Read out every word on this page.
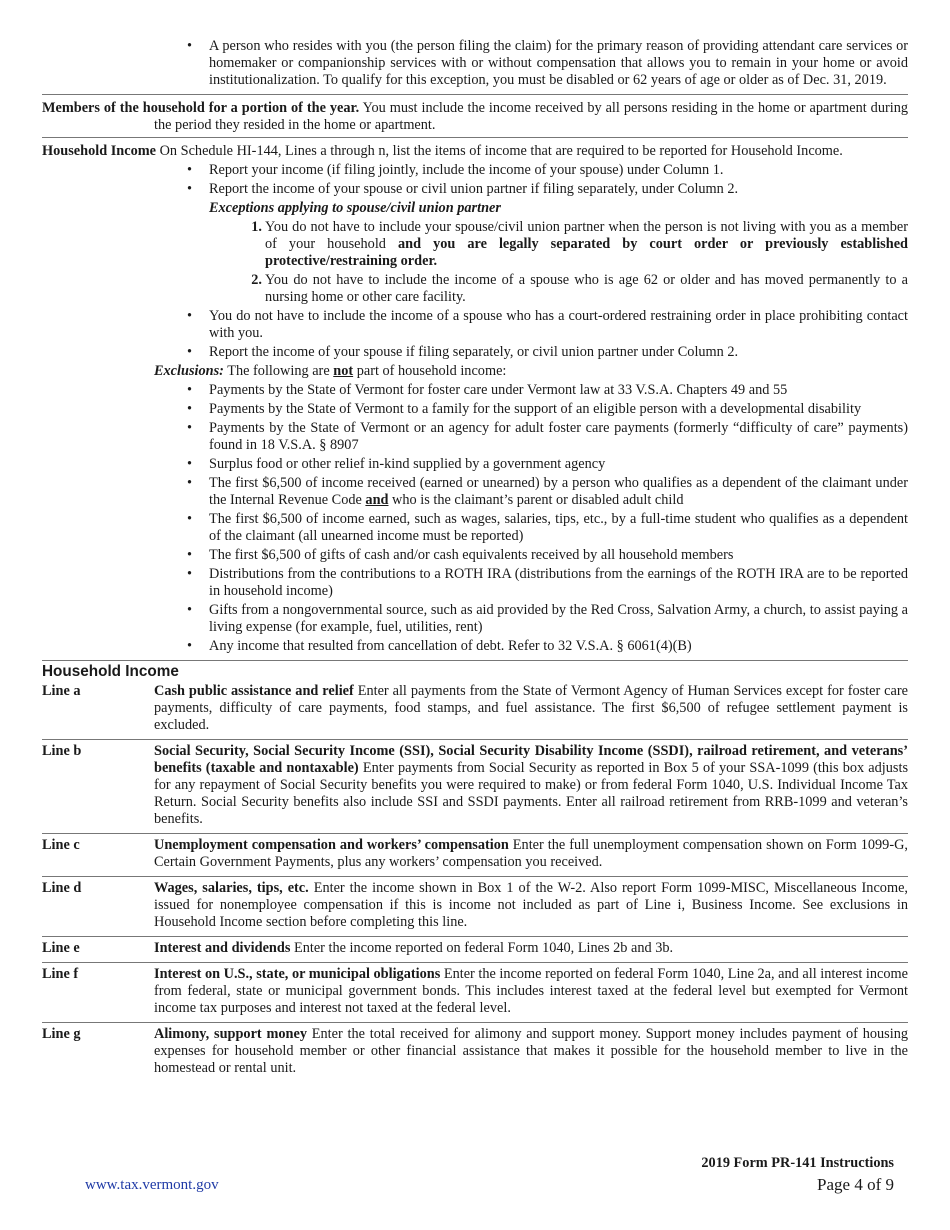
•	A person who resides with you (the person filing the claim) for the primary reason of providing attendant care services or homemaker or companionship services with or without compensation that allows you to remain in your home or avoid institutionalization. To qualify for this exception, you must be disabled or 62 years of age or older as of Dec. 31, 2019.
Members of the household for a portion of the year. You must include the income received by all persons residing in the home or apartment during the period they resided in the home or apartment.
Household Income On Schedule HI-144, Lines a through n, list the items of income that are required to be reported for Household Income.
•	Report your income (if filing jointly, include the income of your spouse) under Column 1.
•	Report the income of your spouse or civil union partner if filing separately, under Column 2.
Exceptions applying to spouse/civil union partner
1. You do not have to include your spouse/civil union partner when the person is not living with you as a member of your household and you are legally separated by court order or previously established protective/restraining order.
2. You do not have to include the income of a spouse who is age 62 or older and has moved permanently to a nursing home or other care facility.
•	You do not have to include the income of a spouse who has a court-ordered restraining order in place prohibiting contact with you.
•	Report the income of your spouse if filing separately, or civil union partner under Column 2.
Exclusions: The following are not part of household income:
•	Payments by the State of Vermont for foster care under Vermont law at 33 V.S.A. Chapters 49 and 55
•	Payments by the State of Vermont to a family for the support of an eligible person with a developmental disability
•	Payments by the State of Vermont or an agency for adult foster care payments (formerly “difficulty of care” payments) found in 18 V.S.A. § 8907
•	Surplus food or other relief in-kind supplied by a government agency
•	The first $6,500 of income received (earned or unearned) by a person who qualifies as a dependent of the claimant under the Internal Revenue Code and who is the claimant’s parent or disabled adult child
•	The first $6,500 of income earned, such as wages, salaries, tips, etc., by a full-time student who qualifies as a dependent of the claimant (all unearned income must be reported)
•	The first $6,500 of gifts of cash and/or cash equivalents received by all household members
•	Distributions from the contributions to a ROTH IRA (distributions from the earnings of the ROTH IRA are to be reported in household income)
•	Gifts from a nongovernmental source, such as aid provided by the Red Cross, Salvation Army, a church, to assist paying a living expense (for example, fuel, utilities, rent)
•	Any income that resulted from cancellation of debt. Refer to 32 V.S.A. § 6061(4)(B)
Household Income
Line a	Cash public assistance and relief Enter all payments from the State of Vermont Agency of Human Services except for foster care payments, difficulty of care payments, food stamps, and fuel assistance. The first $6,500 of refugee settlement payment is excluded.
Line b	Social Security, Social Security Income (SSI), Social Security Disability Income (SSDI), railroad retirement, and veterans’ benefits (taxable and nontaxable) Enter payments from Social Security as reported in Box 5 of your SSA-1099 (this box adjusts for any repayment of Social Security benefits you were required to make) or from federal Form 1040, U.S. Individual Income Tax Return. Social Security benefits also include SSI and SSDI payments. Enter all railroad retirement from RRB-1099 and veteran’s benefits.
Line c	Unemployment compensation and workers’ compensation Enter the full unemployment compensation shown on Form 1099-G, Certain Government Payments, plus any workers’ compensation you received.
Line d	Wages, salaries, tips, etc. Enter the income shown in Box 1 of the W-2. Also report Form 1099-MISC, Miscellaneous Income, issued for nonemployee compensation if this is income not included as part of Line i, Business Income. See exclusions in Household Income section before completing this line.
Line e	Interest and dividends Enter the income reported on federal Form 1040, Lines 2b and 3b.
Line f	Interest on U.S., state, or municipal obligations Enter the income reported on federal Form 1040, Line 2a, and all interest income from federal, state or municipal government bonds. This includes interest taxed at the federal level but exempted for Vermont income tax purposes and interest not taxed at the federal level.
Line g	Alimony, support money Enter the total received for alimony and support money. Support money includes payment of housing expenses for household member or other financial assistance that makes it possible for the household member to live in the homestead or rental unit.
2019 Form PR-141 Instructions
www.tax.vermont.gov	Page 4 of 9
